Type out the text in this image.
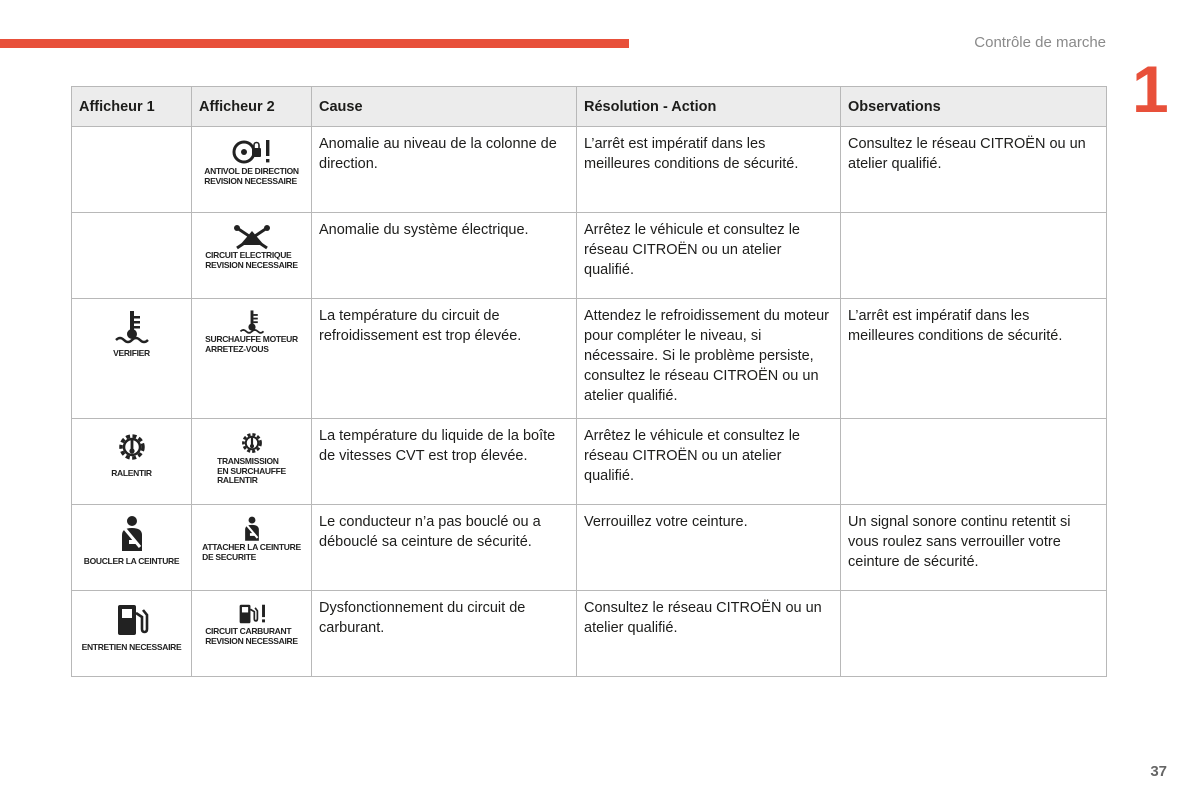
Contrôle de marche
1
Afficheur 1	Afficheur 2	Cause	Résolution - Action	Observations

	ANTIVOL DE DIRECTION
REVISION NECESSAIRE	Anomalie au niveau de la colonne de direction.	L’arrêt est impératif dans les meilleures conditions de sécurité.	Consultez le réseau CITROËN ou un atelier qualifié.

	CIRCUIT ELECTRIQUE
REVISION NECESSAIRE	Anomalie du système électrique.	Arrêtez le véhicule et consultez le réseau CITROËN ou un atelier qualifié.	

VERIFIER	SURCHAUFFE MOTEUR
ARRETEZ-VOUS	La température du circuit de refroidissement est trop élevée.	Attendez le refroidissement du moteur pour compléter le niveau, si nécessaire. Si le problème persiste, consultez le réseau CITROËN ou un atelier qualifié.	L’arrêt est impératif dans les meilleures conditions de sécurité.

RALENTIR	TRANSMISSION
EN SURCHAUFFE
RALENTIR	La température du liquide de la boîte de vitesses CVT est trop élevée.	Arrêtez le véhicule et consultez le réseau CITROËN ou un atelier qualifié.	

BOUCLER LA CEINTURE	ATTACHER LA CEINTURE
DE SECURITE	Le conducteur n’a pas bouclé ou a débouclé sa ceinture de sécurité.	Verrouillez votre ceinture.	Un signal sonore continu retentit si vous roulez sans verrouiller votre ceinture de sécurité.

ENTRETIEN NECESSAIRE	CIRCUIT CARBURANT
REVISION NECESSAIRE	Dysfonctionnement du circuit de carburant.	Consultez le réseau CITROËN ou un atelier qualifié.	
37
